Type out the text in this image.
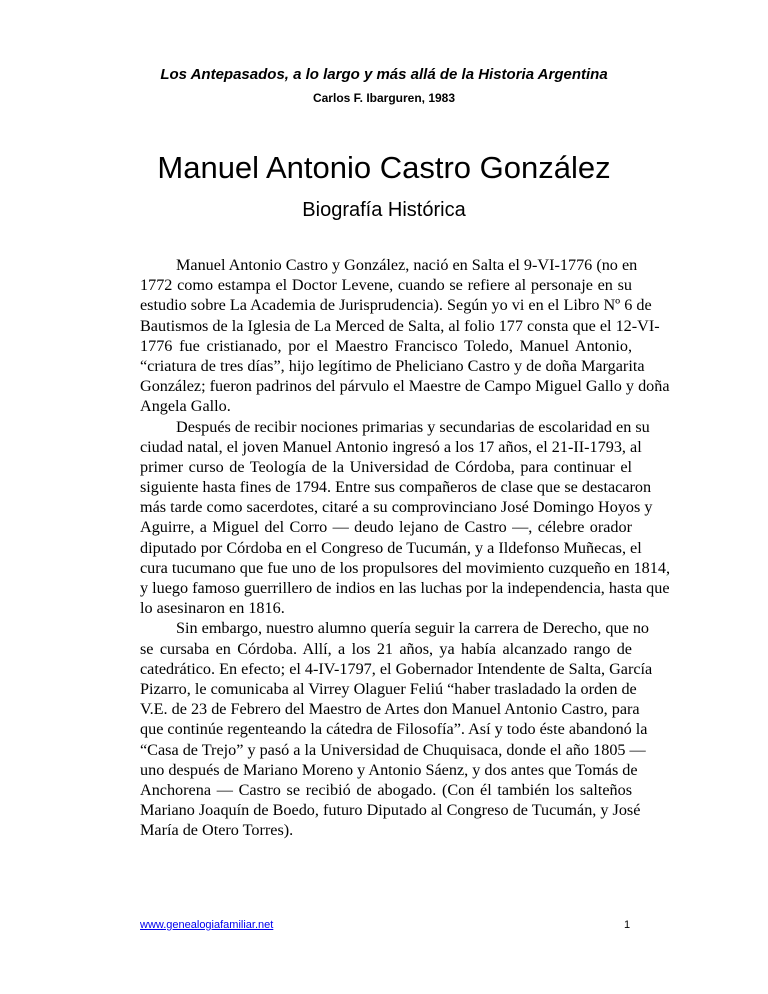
Los Antepasados, a lo largo y más allá de la Historia Argentina
Carlos F. Ibarguren, 1983
Manuel Antonio Castro González
Biografía Histórica
Manuel Antonio Castro y González, nació en Salta el 9-VI-1776 (no en
1772 como estampa el Doctor Levene, cuando se refiere al personaje en su
estudio sobre La Academia de Jurisprudencia). Según yo vi en el Libro Nº 6 de
Bautismos de la Iglesia de La Merced de Salta, al folio 177 consta que el 12-VI-
1776 fue cristianado, por el Maestro Francisco Toledo, Manuel Antonio,
“criatura de tres días”, hijo legítimo de Pheliciano Castro y de doña Margarita
González; fueron padrinos del párvulo el Maestre de Campo Miguel Gallo y doña
Angela Gallo.
Después de recibir nociones primarias y secundarias de escolaridad en su
ciudad natal, el joven Manuel Antonio ingresó a los 17 años, el 21-II-1793, al
primer curso de Teología de la Universidad de Córdoba, para continuar el
siguiente hasta fines de 1794. Entre sus compañeros de clase que se destacaron
más tarde como sacerdotes, citaré a su comprovinciano José Domingo Hoyos y
Aguirre, a Miguel del Corro — deudo lejano de Castro —, célebre orador
diputado por Córdoba en el Congreso de Tucumán, y a Ildefonso Muñecas, el
cura tucumano que fue uno de los propulsores del movimiento cuzqueño en 1814,
y luego famoso guerrillero de indios en las luchas por la independencia, hasta que
lo asesinaron en 1816.
Sin embargo, nuestro alumno quería seguir la carrera de Derecho, que no
se cursaba en Córdoba. Allí, a los 21 años, ya había alcanzado rango de
catedrático. En efecto; el 4-IV-1797, el Gobernador Intendente de Salta, García
Pizarro, le comunicaba al Virrey Olaguer Feliú “haber trasladado la orden de
V.E. de 23 de Febrero del Maestro de Artes don Manuel Antonio Castro, para
que continúe regenteando la cátedra de Filosofía”. Así y todo éste abandonó la
“Casa de Trejo” y pasó a la Universidad de Chuquisaca, donde el año 1805 —
uno después de Mariano Moreno y Antonio Sáenz, y dos antes que Tomás de
Anchorena — Castro se recibió de abogado. (Con él también los salteños
Mariano Joaquín de Boedo, futuro Diputado al Congreso de Tucumán, y José
María de Otero Torres).
www.genealogiafamiliar.net	1
